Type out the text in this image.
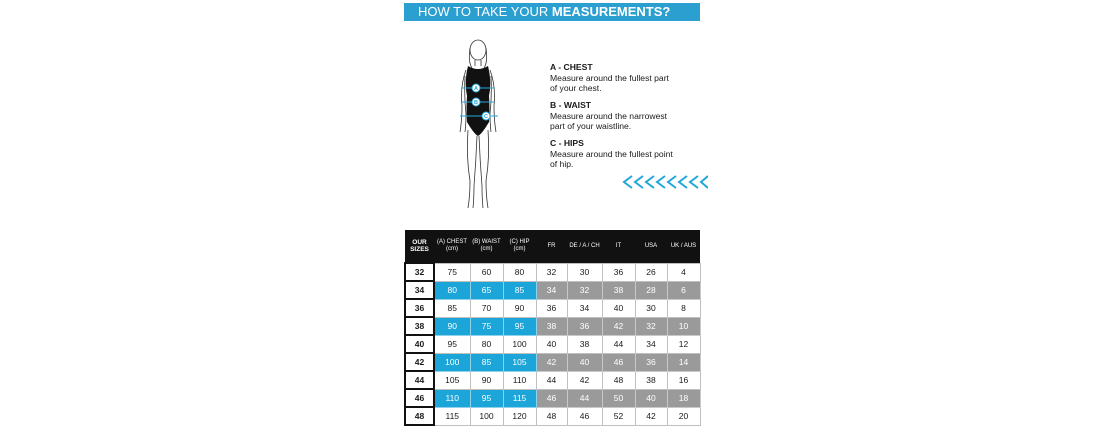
HOW TO TAKE YOUR MEASUREMENTS?
A
B
C
A - CHEST
Measure around the fullest part
of your chest.
B - WAIST
Measure around the narrowest
part of your waistline.
C - HIPS
Measure around the fullest point
of hip.
OUR
SIZES	(A) CHEST
(cm)	(B) WAIST
(cm)	(C) HIP
(cm)	FR	DE / A / CH	IT	USA	UK / AUS
32	75	60	80	32	30	36	26	4
34	80	65	85	34	32	38	28	6
36	85	70	90	36	34	40	30	8
38	90	75	95	38	36	42	32	10
40	95	80	100	40	38	44	34	12
42	100	85	105	42	40	46	36	14
44	105	90	110	44	42	48	38	16
46	110	95	115	46	44	50	40	18
48	115	100	120	48	46	52	42	20
